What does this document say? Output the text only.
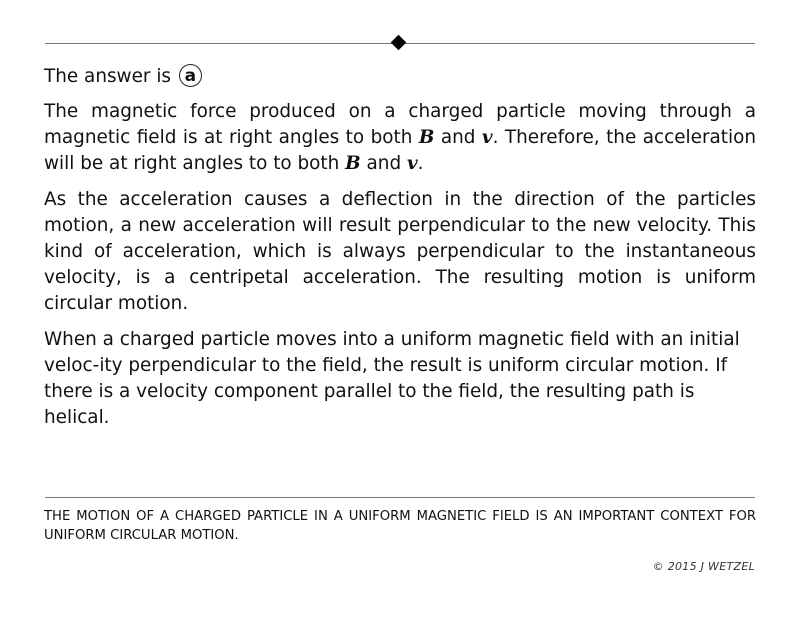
The answer is a

The magnetic force produced on a charged particle moving through a magnetic field is at right angles to both B and v. Therefore, the acceleration will be at right angles to to both B and v.

As the acceleration causes a deflection in the direction of the particles motion, a new acceleration will result perpendicular to the new velocity. This kind of acceleration, which is always perpendicular to the instantaneous velocity, is a centripetal acceleration. The resulting motion is uniform circular motion.

When a charged particle moves into a uniform magnetic field with an initial veloc-ity perpendicular to the field, the result is uniform circular motion. If there is a velocity component parallel to the field, the resulting path is helical.

THE MOTION OF A CHARGED PARTICLE IN A UNIFORM MAGNETIC FIELD IS AN IMPORTANT CONTEXT FOR UNIFORM CIRCULAR MOTION.
© 2015 J WETZEL
